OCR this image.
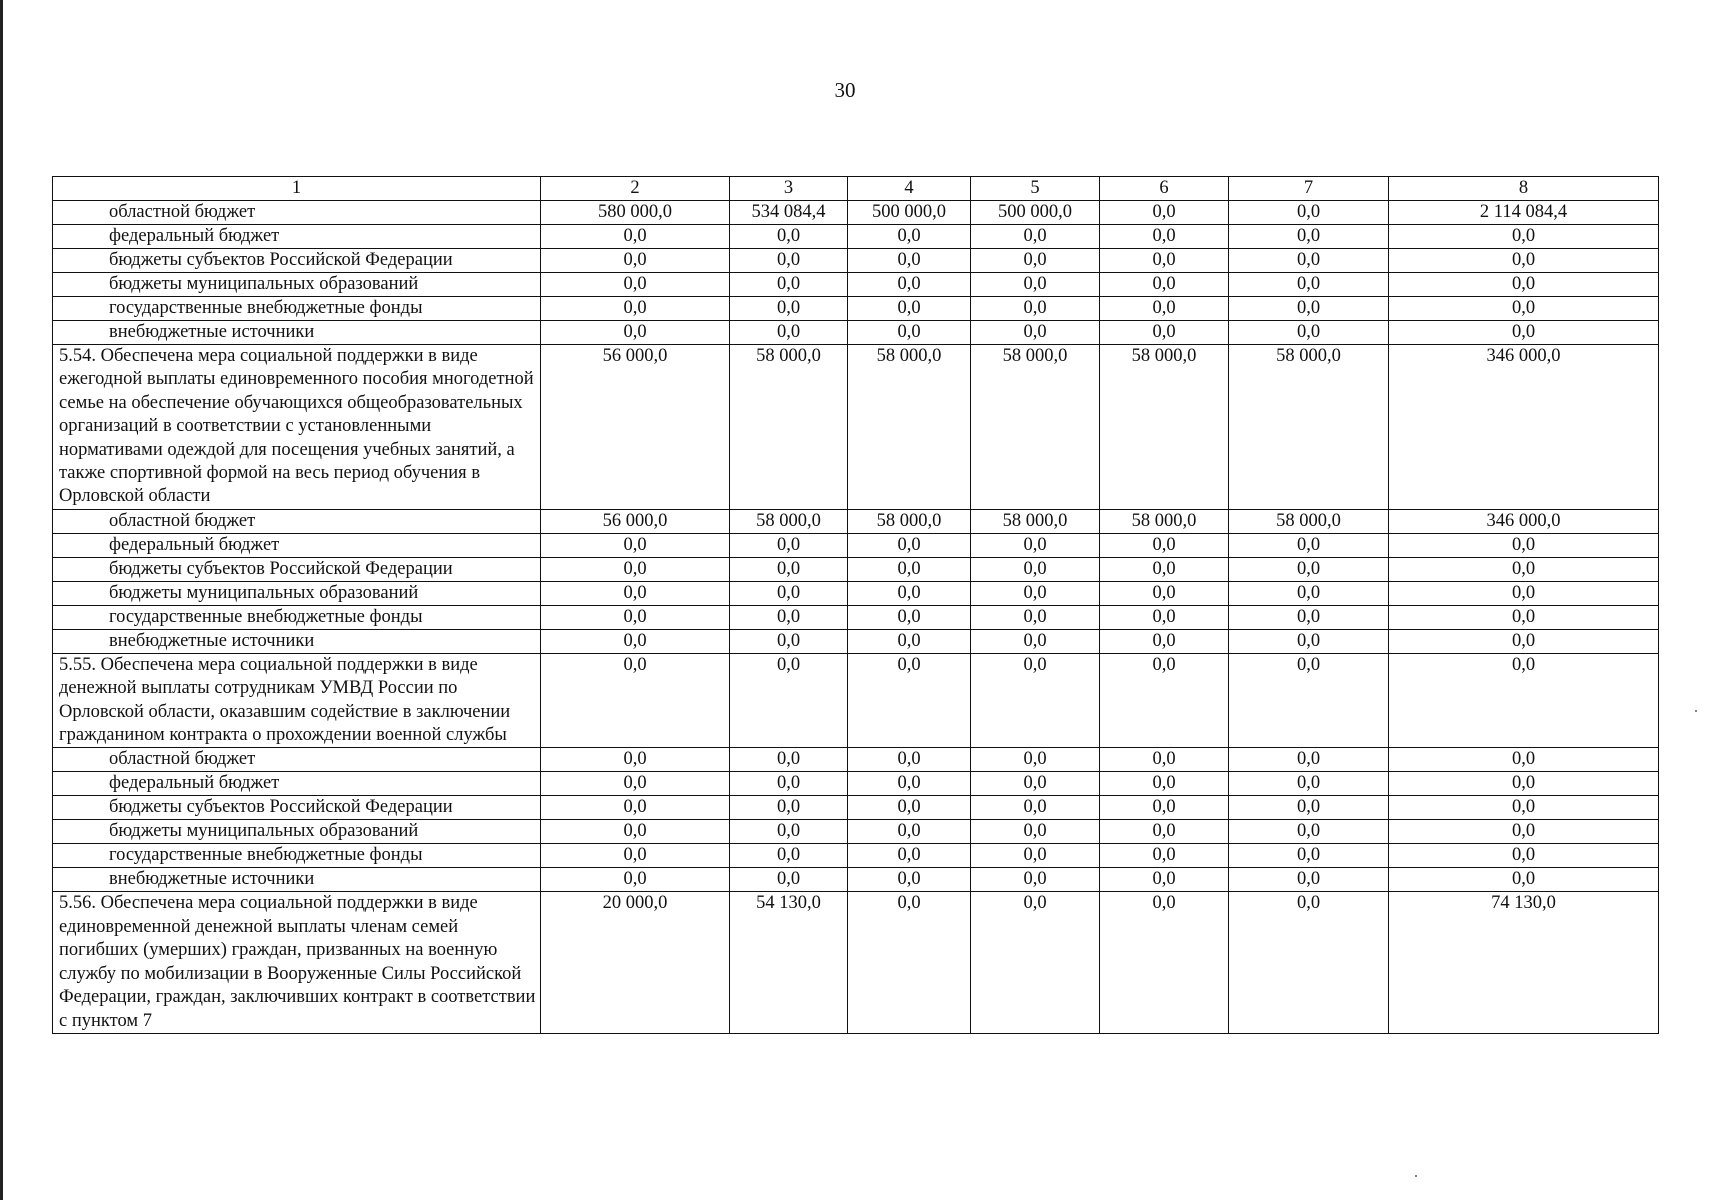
30
1	2	3	4	5	6	7	8
областной бюджет	580 000,0	534 084,4	500 000,0	500 000,0	0,0	0,0	2 114 084,4
федеральный бюджет	0,0	0,0	0,0	0,0	0,0	0,0	0,0
бюджеты субъектов Российской Федерации	0,0	0,0	0,0	0,0	0,0	0,0	0,0
бюджеты муниципальных образований	0,0	0,0	0,0	0,0	0,0	0,0	0,0
государственные внебюджетные фонды	0,0	0,0	0,0	0,0	0,0	0,0	0,0
внебюджетные источники	0,0	0,0	0,0	0,0	0,0	0,0	0,0
5.54. Обеспечена мера социальной поддержки в виде ежегодной выплаты единовременного пособия многодетной семье на обеспечение обучающихся общеобразовательных организаций в соответствии с установленными нормативами одеждой для посещения учебных занятий, а также спортивной формой на весь период обучения в Орловской области	56 000,0	58 000,0	58 000,0	58 000,0	58 000,0	58 000,0	346 000,0
областной бюджет	56 000,0	58 000,0	58 000,0	58 000,0	58 000,0	58 000,0	346 000,0
федеральный бюджет	0,0	0,0	0,0	0,0	0,0	0,0	0,0
бюджеты субъектов Российской Федерации	0,0	0,0	0,0	0,0	0,0	0,0	0,0
бюджеты муниципальных образований	0,0	0,0	0,0	0,0	0,0	0,0	0,0
государственные внебюджетные фонды	0,0	0,0	0,0	0,0	0,0	0,0	0,0
внебюджетные источники	0,0	0,0	0,0	0,0	0,0	0,0	0,0
5.55. Обеспечена мера социальной поддержки в виде денежной выплаты сотрудникам УМВД России по Орловской области, оказавшим содействие в заключении гражданином контракта о прохождении военной службы	0,0	0,0	0,0	0,0	0,0	0,0	0,0
областной бюджет	0,0	0,0	0,0	0,0	0,0	0,0	0,0
федеральный бюджет	0,0	0,0	0,0	0,0	0,0	0,0	0,0
бюджеты субъектов Российской Федерации	0,0	0,0	0,0	0,0	0,0	0,0	0,0
бюджеты муниципальных образований	0,0	0,0	0,0	0,0	0,0	0,0	0,0
государственные внебюджетные фонды	0,0	0,0	0,0	0,0	0,0	0,0	0,0
внебюджетные источники	0,0	0,0	0,0	0,0	0,0	0,0	0,0
5.56. Обеспечена мера социальной поддержки в виде единовременной денежной выплаты членам семей погибших (умерших) граждан, призванных на военную службу по мобилизации в Вооруженные Силы Российской Федерации, граждан, заключивших контракт в соответствии с пунктом 7	20 000,0	54 130,0	0,0	0,0	0,0	0,0	74 130,0
